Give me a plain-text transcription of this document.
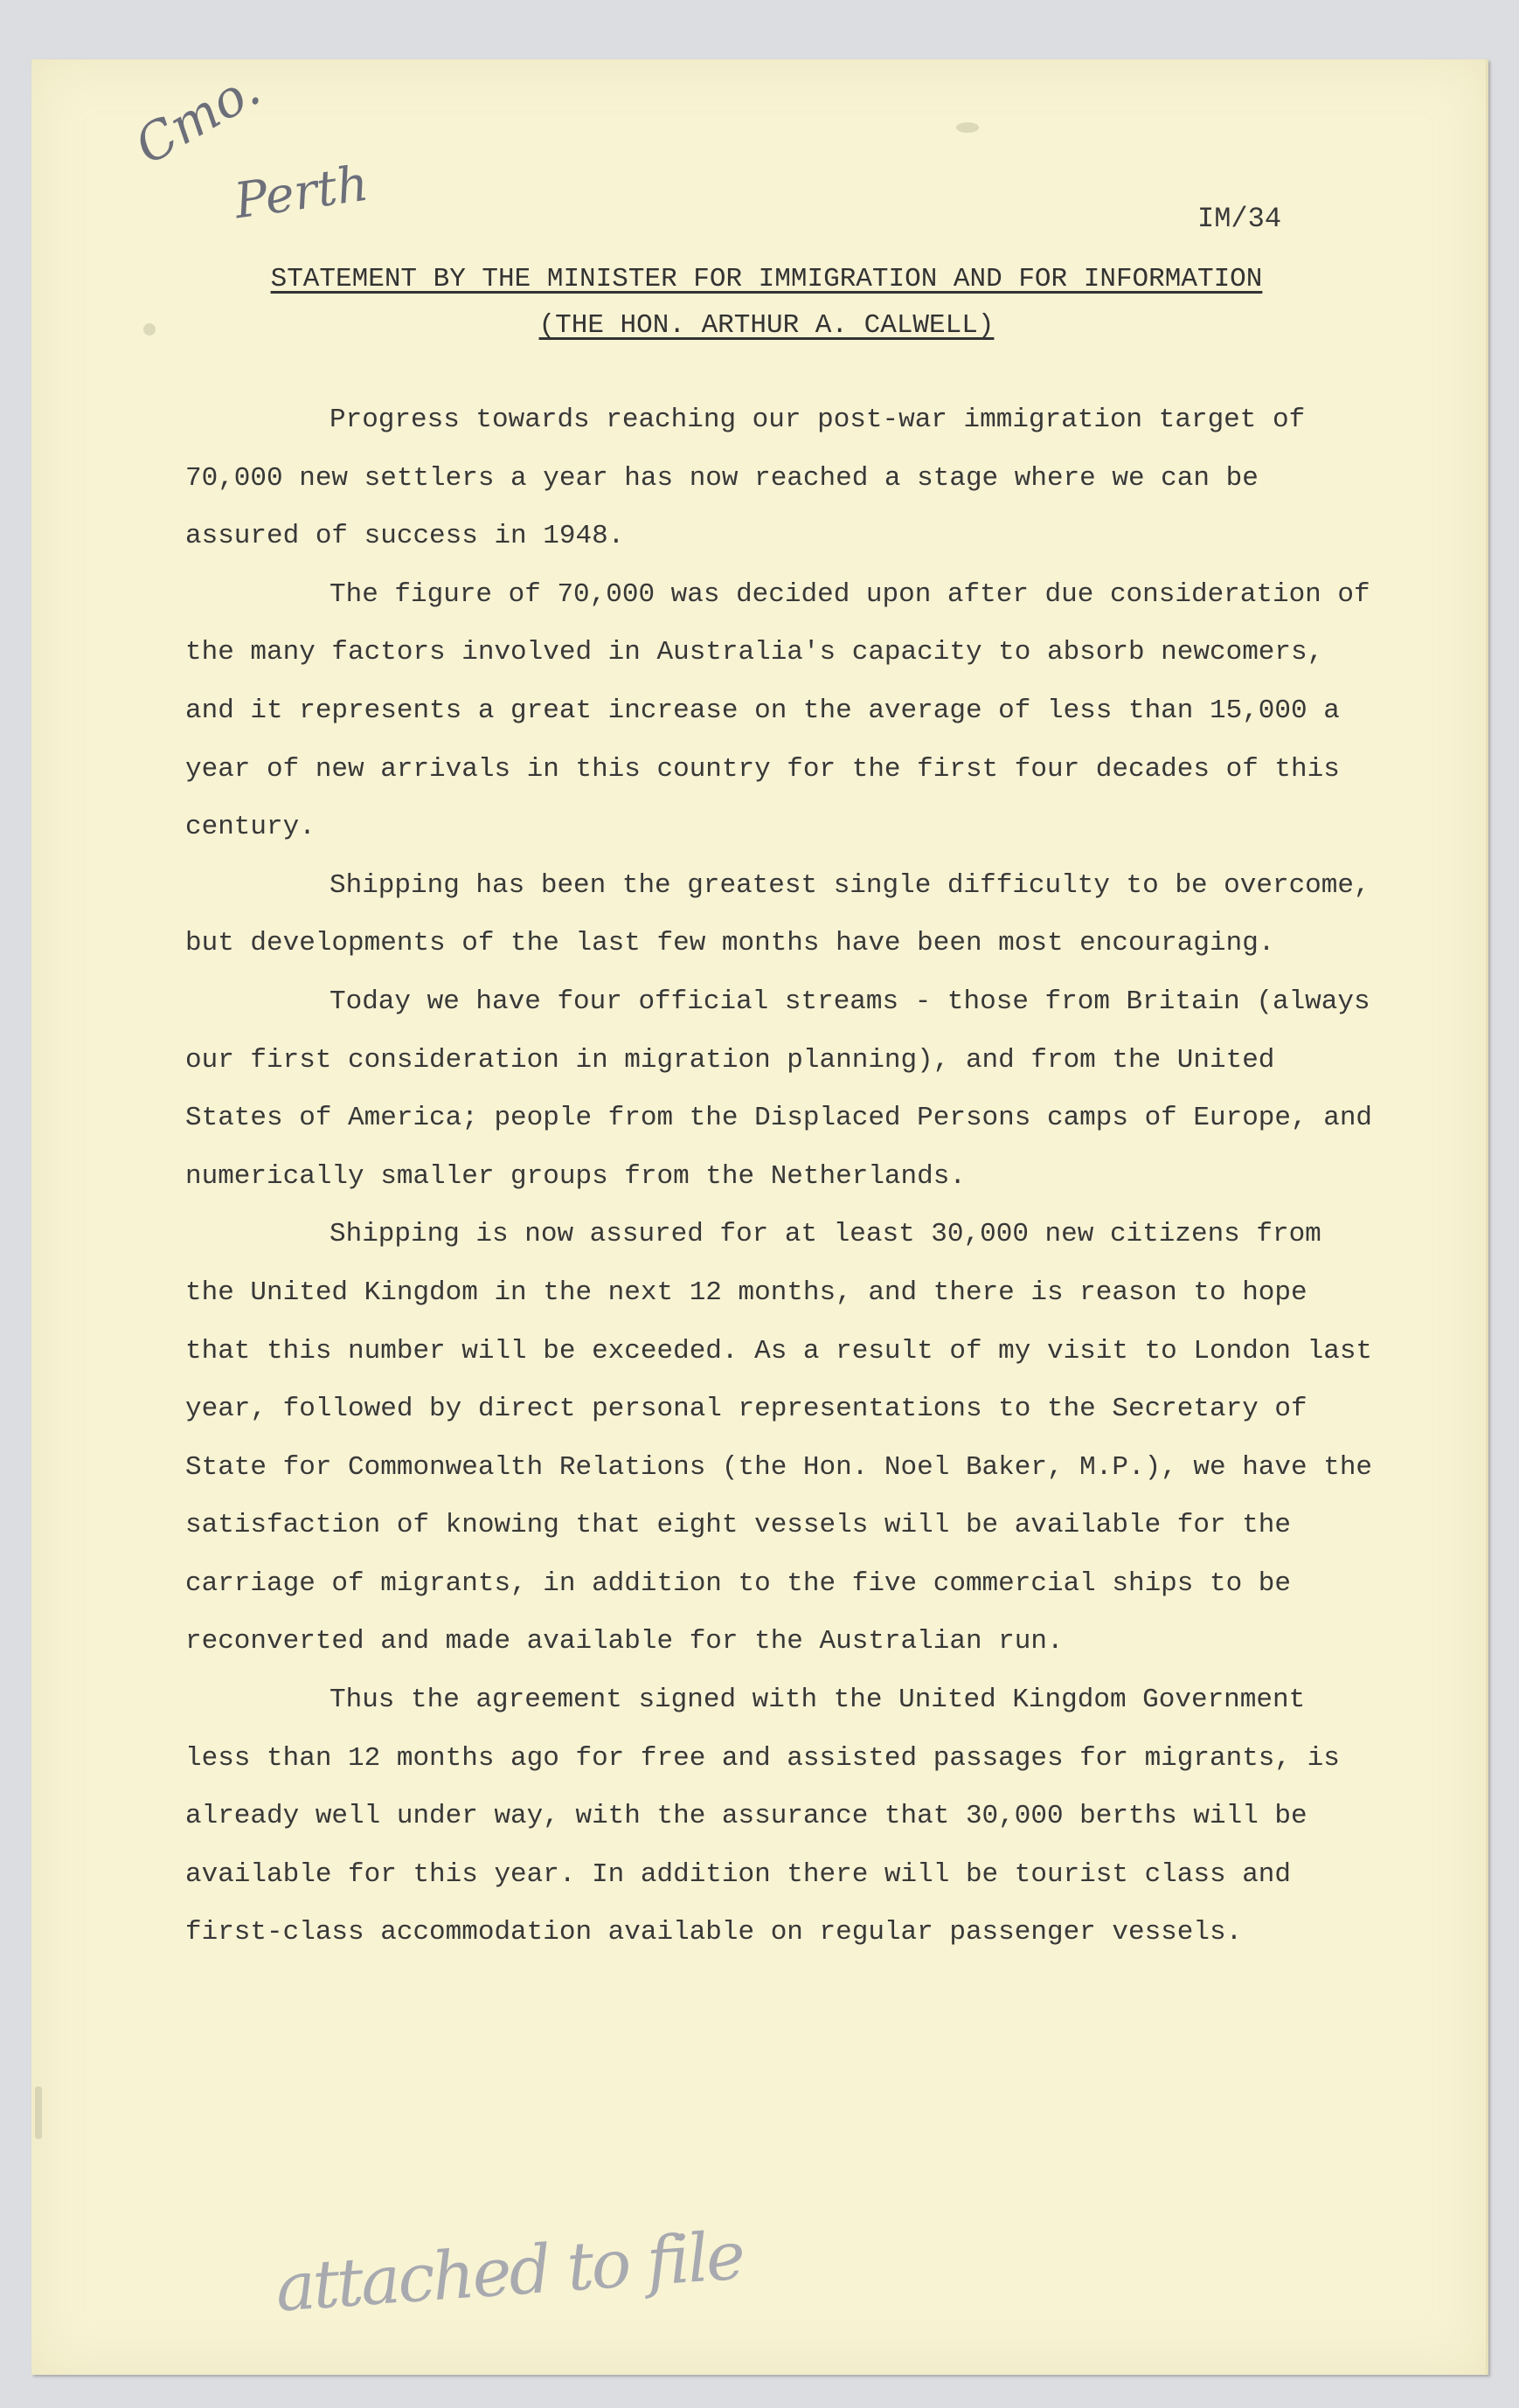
Cmo.
Perth	IM/34
STATEMENT BY THE MINISTER FOR IMMIGRATION AND FOR INFORMATION
(THE HON. ARTHUR A. CALWELL)

Progress towards reaching our post-war immigration target of 70,000 new settlers a year has now reached a stage where we can be assured of success in 1948.

The figure of 70,000 was decided upon after due consideration of the many factors involved in Australia's capacity to absorb newcomers, and it represents a great increase on the average of less than 15,000 a year of new arrivals in this country for the first four decades of this century.

Shipping has been the greatest single difficulty to be overcome, but developments of the last few months have been most encouraging.

Today we have four official streams - those from Britain (always our first consideration in migration planning), and from the United States of America; people from the Displaced Persons camps of Europe, and numerically smaller groups from the Netherlands.

Shipping is now assured for at least 30,000 new citizens from the United Kingdom in the next 12 months, and there is reason to hope that this number will be exceeded. As a result of my visit to London last year, followed by direct personal representations to the Secretary of State for Commonwealth Relations (the Hon. Noel Baker, M.P.), we have the satisfaction of knowing that eight vessels will be available for the carriage of migrants, in addition to the five commercial ships to be reconverted and made available for the Australian run.

Thus the agreement signed with the United Kingdom Government less than 12 months ago for free and assisted passages for migrants, is already well under way, with the assurance that 30,000 berths will be available for this year. In addition there will be tourist class and first-class accommodation available on regular passenger vessels.

attached to file
